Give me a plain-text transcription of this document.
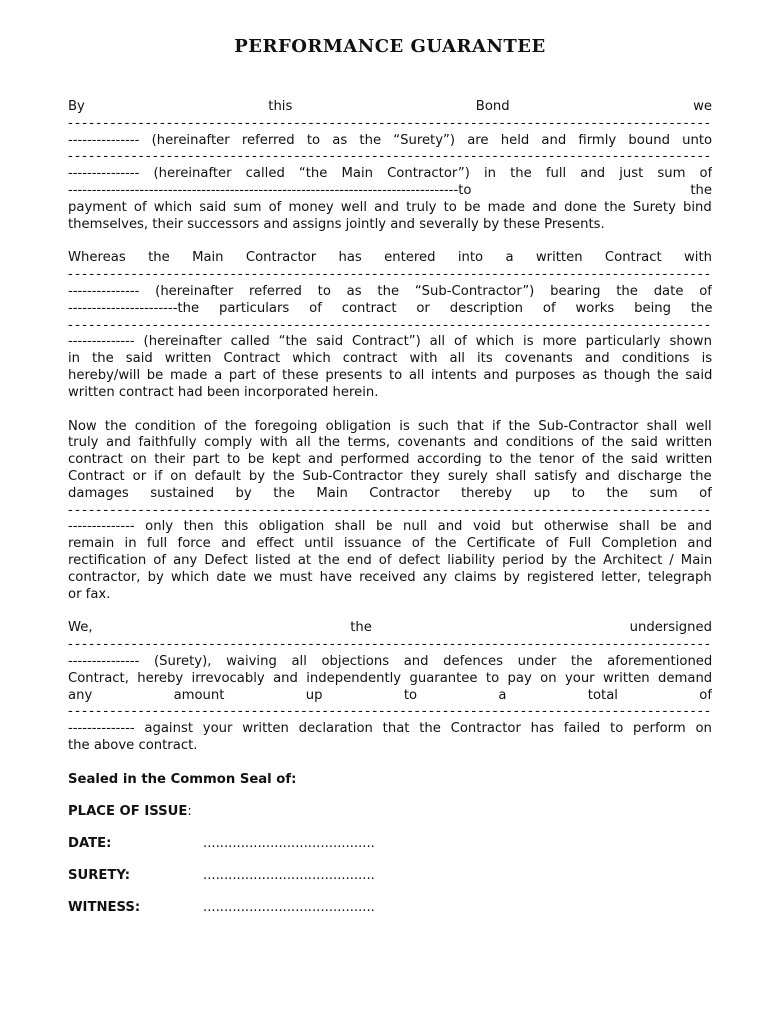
PERFORMANCE GUARANTEE
By	this	Bond	we
-------------------------------------------------------------------------------------------
--------------- (hereinafter referred to as the “Surety”) are held and firmly bound unto
-------------------------------------------------------------------------------------------
--------------- (hereinafter called “the Main Contractor”) in the full and just sum of
----------------------------------------------------------------------------------to	the
payment of which said sum of money well and truly to be made and done the Surety bind
themselves, their successors and assigns jointly and severally by these Presents.
Whereas the Main Contractor has entered into a written Contract with
-------------------------------------------------------------------------------------------
--------------- (hereinafter referred to as the “Sub-Contractor”) bearing the date of
-----------------------the particulars of contract or description of works being the
-------------------------------------------------------------------------------------------
-------------- (hereinafter called “the said Contract”) all of which is more particularly shown
in the said written Contract which contract with all its covenants and conditions is
hereby/will be made a part of these presents to all intents and purposes as though the said
written contract had been incorporated herein.
Now the condition of the foregoing obligation is such that if the Sub-Contractor shall well
truly and faithfully comply with all the terms, covenants and conditions of the said written
contract on their part to be kept and performed according to the tenor of the said written
Contract or if on default by the Sub-Contractor they surely shall satisfy and discharge the
damages sustained by the Main Contractor thereby up to the sum of
-------------------------------------------------------------------------------------------
-------------- only then this obligation shall be null and void but otherwise shall be and
remain in full force and effect until issuance of the Certificate of Full Completion and
rectification of any Defect listed at the end of defect liability period by the Architect / Main
contractor, by which date we must have received any claims by registered letter, telegraph
or fax.
We,	the	undersigned
-------------------------------------------------------------------------------------------
--------------- (Surety), waiving all objections and defences under the aforementioned
Contract, hereby irrevocably and independently guarantee to pay on your written demand
any	amount	up	to	a	total	of
-------------------------------------------------------------------------------------------
-------------- against your written declaration that the Contractor has failed to perform on
the above contract.
Sealed in the Common Seal of:
PLACE OF ISSUE:
DATE:	.........................................
SURETY:	.........................................
WITNESS:	.........................................
